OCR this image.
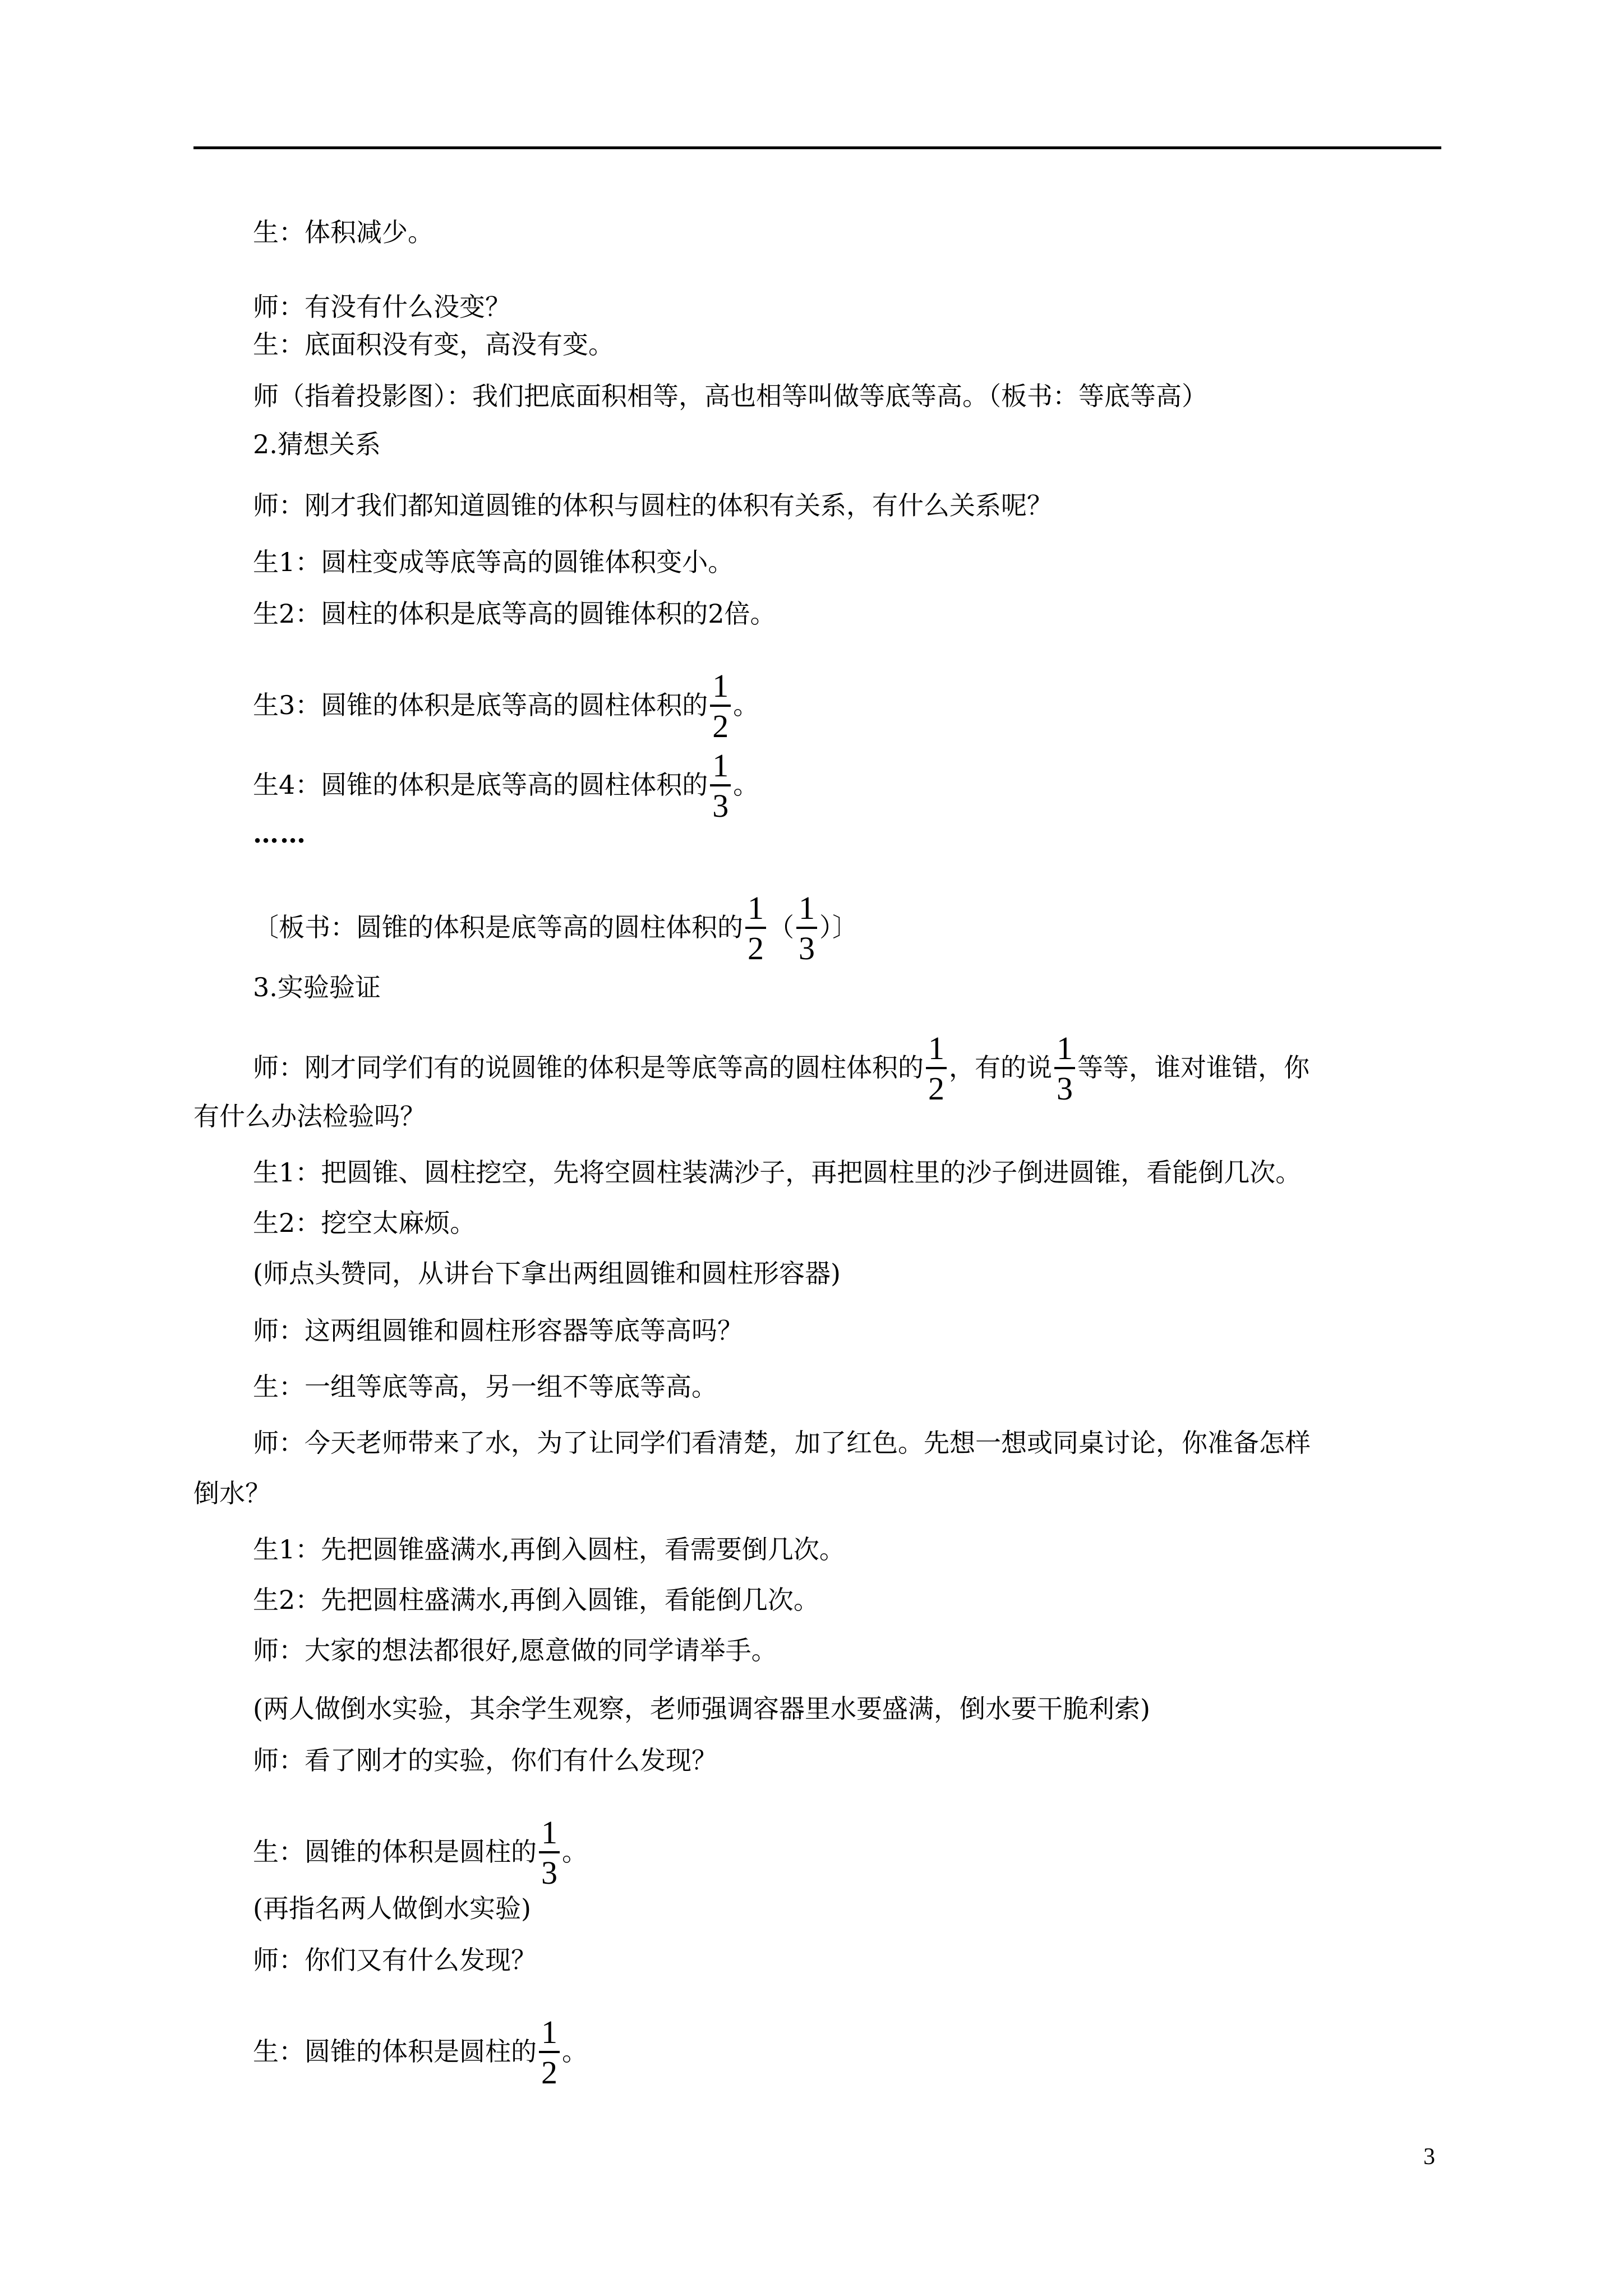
生：体积减少。
师：有没有什么没变？
生：底面积没有变，高没有变。
师（指着投影图）：我们把底面积相等，高也相等叫做等底等高。（板书：等底等高）
2.猜想关系
师：刚才我们都知道圆锥的体积与圆柱的体积有关系，有什么关系呢？
生1：圆柱变成等底等高的圆锥体积变小。
生2：圆柱的体积是底等高的圆锥体积的2倍。
生3：圆锥的体积是底等高的圆柱体积的 $\frac{1}{2}$ 。
生4：圆锥的体积是底等高的圆柱体积的 $\frac{1}{3}$ 。
……
〔板书：圆锥的体积是底等高的圆柱体积的 $\frac{1}{2}$ （ $\frac{1}{3}$ ）〕
3.实验验证
师：刚才同学们有的说圆锥的体积是等底等高的圆柱体积的 $\frac{1}{2}$ ，有的说 $\frac{1}{3}$ 等等，谁对谁错，你
有什么办法检验吗？
生1：把圆锥、圆柱挖空，先将空圆柱装满沙子，再把圆柱里的沙子倒进圆锥，看能倒几次。
生2：挖空太麻烦。
(师点头赞同，从讲台下拿出两组圆锥和圆柱形容器)
师：这两组圆锥和圆柱形容器等底等高吗？
生：一组等底等高，另一组不等底等高。
师：今天老师带来了水，为了让同学们看清楚，加了红色。先想一想或同桌讨论，你准备怎样
倒水？
生1：先把圆锥盛满水,再倒入圆柱，看需要倒几次。
生2：先把圆柱盛满水,再倒入圆锥，看能倒几次。
师：大家的想法都很好,愿意做的同学请举手。
(两人做倒水实验，其余学生观察，老师强调容器里水要盛满，倒水要干脆利索)
师：看了刚才的实验，你们有什么发现？
生：圆锥的体积是圆柱的 $\frac{1}{3}$ 。
(再指名两人做倒水实验)
师：你们又有什么发现？
生：圆锥的体积是圆柱的 $\frac{1}{2}$ 。
3
